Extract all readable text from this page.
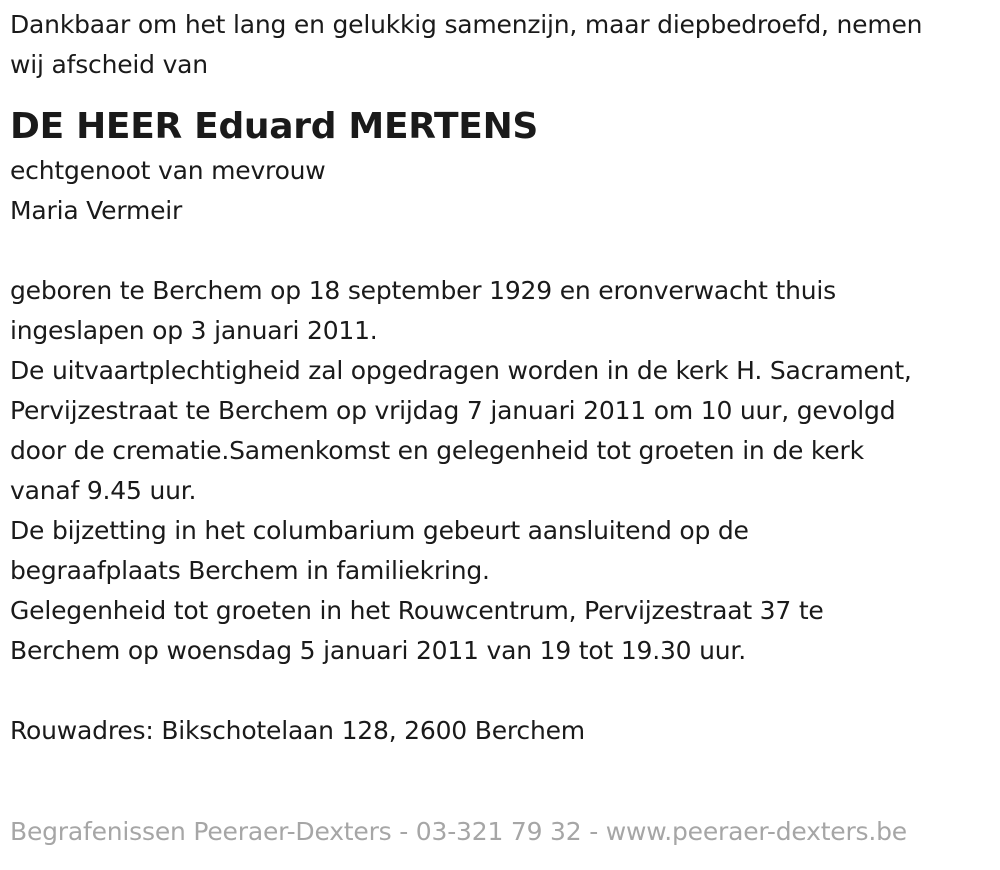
Dankbaar om het lang en gelukkig samenzijn, maar diepbedroefd, nemen
wij afscheid van
DE HEER Eduard MERTENS
echtgenoot van mevrouw
Maria Vermeir
geboren te Berchem op 18 september 1929 en eronverwacht thuis
ingeslapen op 3 januari 2011.
De uitvaartplechtigheid zal opgedragen worden in de kerk H. Sacrament,
Pervijzestraat te Berchem op vrijdag 7 januari 2011 om 10 uur, gevolgd
door de crematie.Samenkomst en gelegenheid tot groeten in de kerk
vanaf 9.45 uur.
De bijzetting in het columbarium gebeurt aansluitend op de
begraafplaats Berchem in familiekring.
Gelegenheid tot groeten in het Rouwcentrum, Pervijzestraat 37 te
Berchem op woensdag 5 januari 2011 van 19 tot 19.30 uur.
Rouwadres: Bikschotelaan 128, 2600 Berchem
Begrafenissen Peeraer-Dexters - 03-321 79 32 - www.peeraer-dexters.be
